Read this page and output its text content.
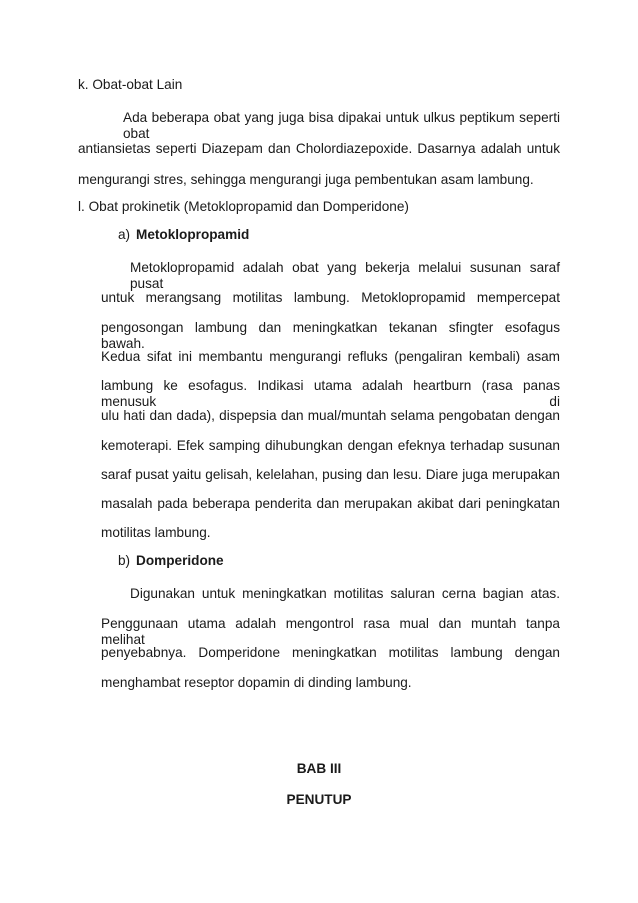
k. Obat-obat Lain
Ada beberapa obat yang juga bisa dipakai untuk ulkus peptikum seperti obat
antiansietas seperti Diazepam dan Cholordiazepoxide. Dasarnya adalah untuk
mengurangi stres, sehingga mengurangi juga pembentukan asam lambung.
l. Obat prokinetik (Metoklopropamid dan Domperidone)
a) Metoklopropamid
Metoklopropamid adalah obat yang bekerja melalui susunan saraf pusat
untuk merangsang motilitas lambung. Metoklopropamid mempercepat
pengosongan lambung dan meningkatkan tekanan sfingter esofagus bawah.
Kedua sifat ini membantu mengurangi refluks (pengaliran kembali) asam
lambung ke esofagus. Indikasi utama adalah heartburn (rasa panas menusuk di
ulu hati dan dada), dispepsia dan mual/muntah selama pengobatan dengan
kemoterapi. Efek samping dihubungkan dengan efeknya terhadap susunan
saraf pusat yaitu gelisah, kelelahan, pusing dan lesu. Diare juga merupakan
masalah pada beberapa penderita dan merupakan akibat dari peningkatan
motilitas lambung.
b) Domperidone
Digunakan untuk meningkatkan motilitas saluran cerna bagian atas.
Penggunaan utama adalah mengontrol rasa mual dan muntah tanpa melihat
penyebabnya. Domperidone meningkatkan motilitas lambung dengan
menghambat reseptor dopamin di dinding lambung.
BAB III
PENUTUP
